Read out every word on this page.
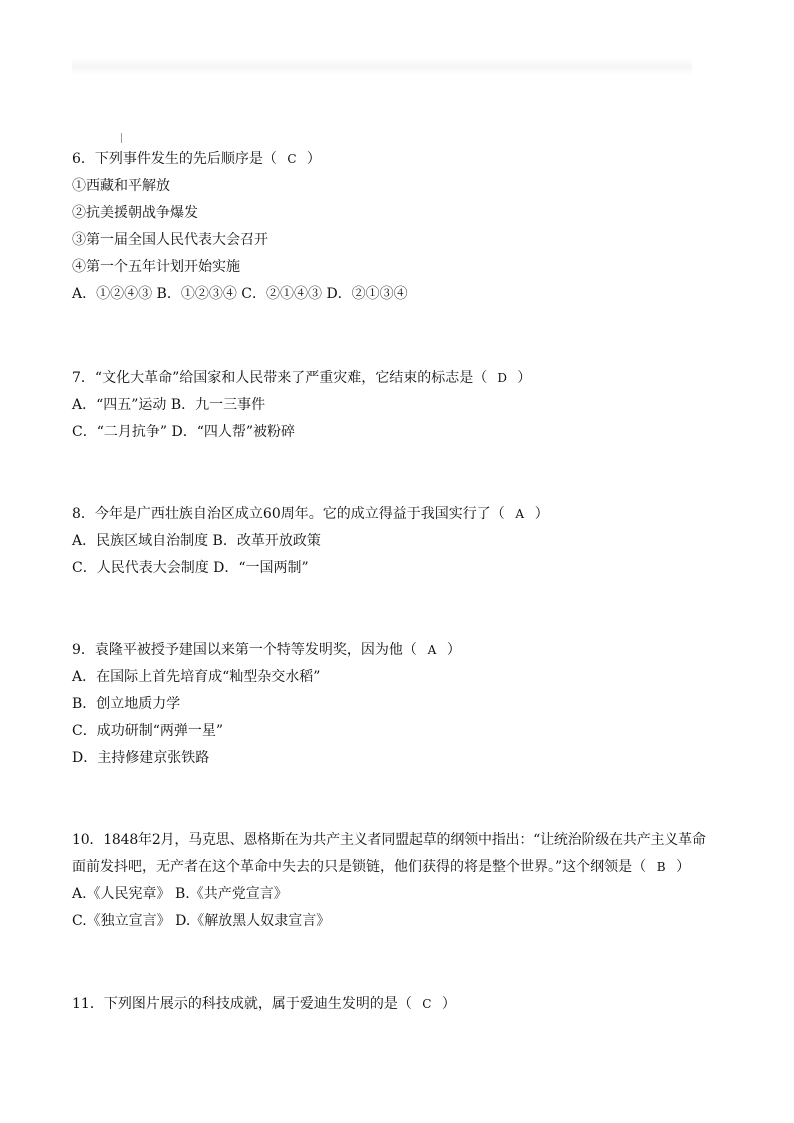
6．下列事件发生的先后顺序是（ C ）
①西藏和平解放
②抗美援朝战争爆发
③第一届全国人民代表大会召开
④第一个五年计划开始实施
A．①②④③ B．①②③④ C．②①④③ D．②①③④
7．“文化大革命”给国家和人民带来了严重灾难，它结束的标志是（ D ）
A．“四五”运动 B．九一三事件
C．“二月抗争” D．“四人帮”被粉碎
8．今年是广西壮族自治区成立60周年。它的成立得益于我国实行了（ A ）
A．民族区域自治制度 B．改革开放政策
C．人民代表大会制度 D．“一国两制”
9．袁隆平被授予建国以来第一个特等发明奖，因为他（ A ）
A．在国际上首先培育成“籼型杂交水稻”
B．创立地质力学
C．成功研制“两弹一星”
D．主持修建京张铁路
10．1848年2月，马克思、恩格斯在为共产主义者同盟起草的纲领中指出：“让统治阶级在共产主义革命
面前发抖吧，无产者在这个革命中失去的只是锁链，他们获得的将是整个世界。”这个纲领是（ B ）
A.《人民宪章》 B.《共产党宣言》
C.《独立宣言》 D.《解放黑人奴隶宣言》
11．下列图片展示的科技成就，属于爱迪生发明的是（ C ）
